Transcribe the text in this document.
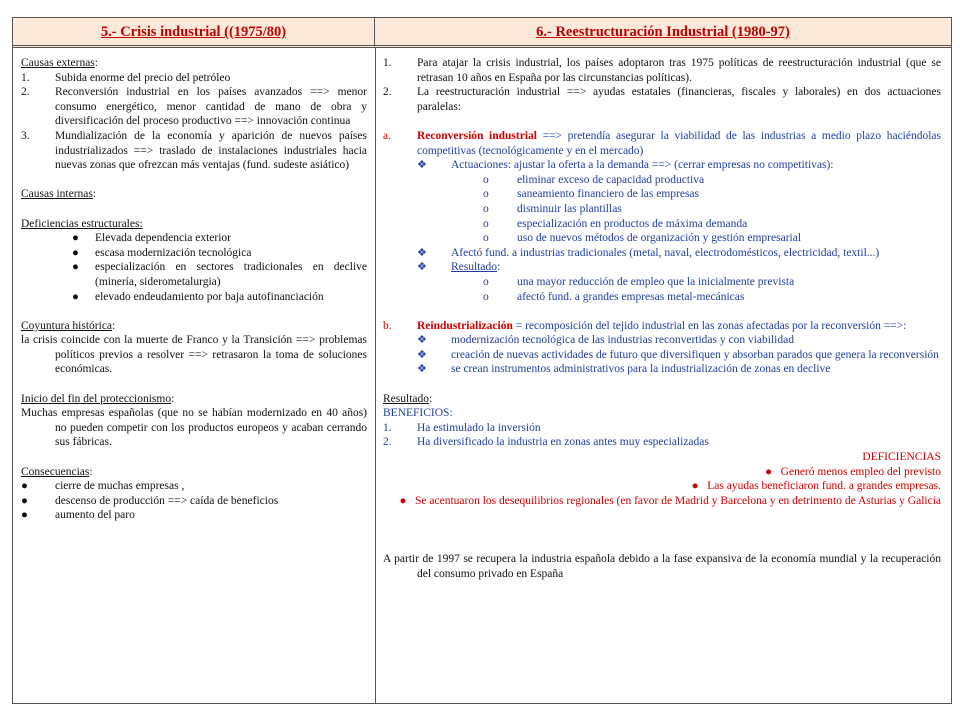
5.- Crisis industrial ((1975/80)	6.- Reestructuración Industrial (1980-97)

Causas externas:

1.	Subida enorme del precio del petróleo
2.	Reconversión industrial en los países avanzados ==> menor consumo energético, menor cantidad de mano de obra y diversificación del proceso productivo ==> innovación continua
3.	Mundialización de la economía y aparición de nuevos países industrializados ==> traslado de instalaciones industriales hacia nuevas zonas que ofrezcan más ventajas (fund. sudeste asiático)

Causas internas:

Deficiencias estructurales:

●	Elevada dependencia exterior
●	escasa modernización tecnológica
●	especialización en sectores tradicionales en declive (minería, siderometalurgia)
●	elevado endeudamiento por baja autofinanciación

Coyuntura histórica:

la crisis coincide con la muerte de Franco y la Transición ==> problemas políticos previos a resolver ==> retrasaron la toma de soluciones económicas.

Inicio del fin del proteccionismo:

Muchas empresas españolas (que no se habían modernizado en 40 años) no pueden competir con los productos europeos y acaban cerrando sus fábricas.

Consecuencias:

●	cierre de muchas empresas ,
●	descenso de producción ==> caída de beneficios
●	aumento del paro
1.	Para atajar la crisis industrial, los países adoptaron tras 1975 políticas de reestructuración industrial (que se retrasan 10 años en España por las circunstancias políticas).
2.	La reestructuración industrial ==> ayudas estatales (financieras, fiscales y laborales) en dos actuaciones paralelas:
a.	Reconversión industrial ==> pretendía asegurar la viabilidad de las industrias a medio plazo haciéndolas competitivas (tecnológicamente y en el mercado)
❖	Actuaciones: ajustar la oferta a la demanda ==> (cerrar empresas no competitivas):
o	eliminar exceso de capacidad productiva
o	saneamiento financiero de las empresas
o	disminuir las plantillas
o	especialización en productos de máxima demanda
o	uso de nuevos métodos de organización y gestión empresarial
❖	Afectó fund. a industrias tradicionales (metal, naval, electrodomésticos, electricidad, textil...)
❖	Resultado:
o	una mayor reducción de empleo que la inicialmente prevista
o	afectó fund. a grandes empresas metal-mecánicas
b.	Reindustrialización = recomposición del tejido industrial en las zonas afectadas por la reconversión ==>:
❖	modernización tecnológica de las industrias reconvertidas y con viabilidad
❖	creación de nuevas actividades de futuro que diversifiquen y absorban parados que genera la reconversión
❖	se crean instrumentos administrativos para la industrialización de zonas en declive

Resultado:

BENEFICIOS:

1.	Ha estimulado la inversión
2.	Ha diversificado la industria en zonas antes muy especializadas
DEFICIENCIAS
● Generó menos empleo del previsto
● Las ayudas beneficiaron fund. a grandes empresas.
● Se acentuaron los desequilibrios regionales (en favor de Madrid y Barcelona y en detrimento de Asturias y Galicia

A partir de 1997 se recupera la industria española debido a la fase expansiva de la economía mundial y la recuperación del consumo privado en España
